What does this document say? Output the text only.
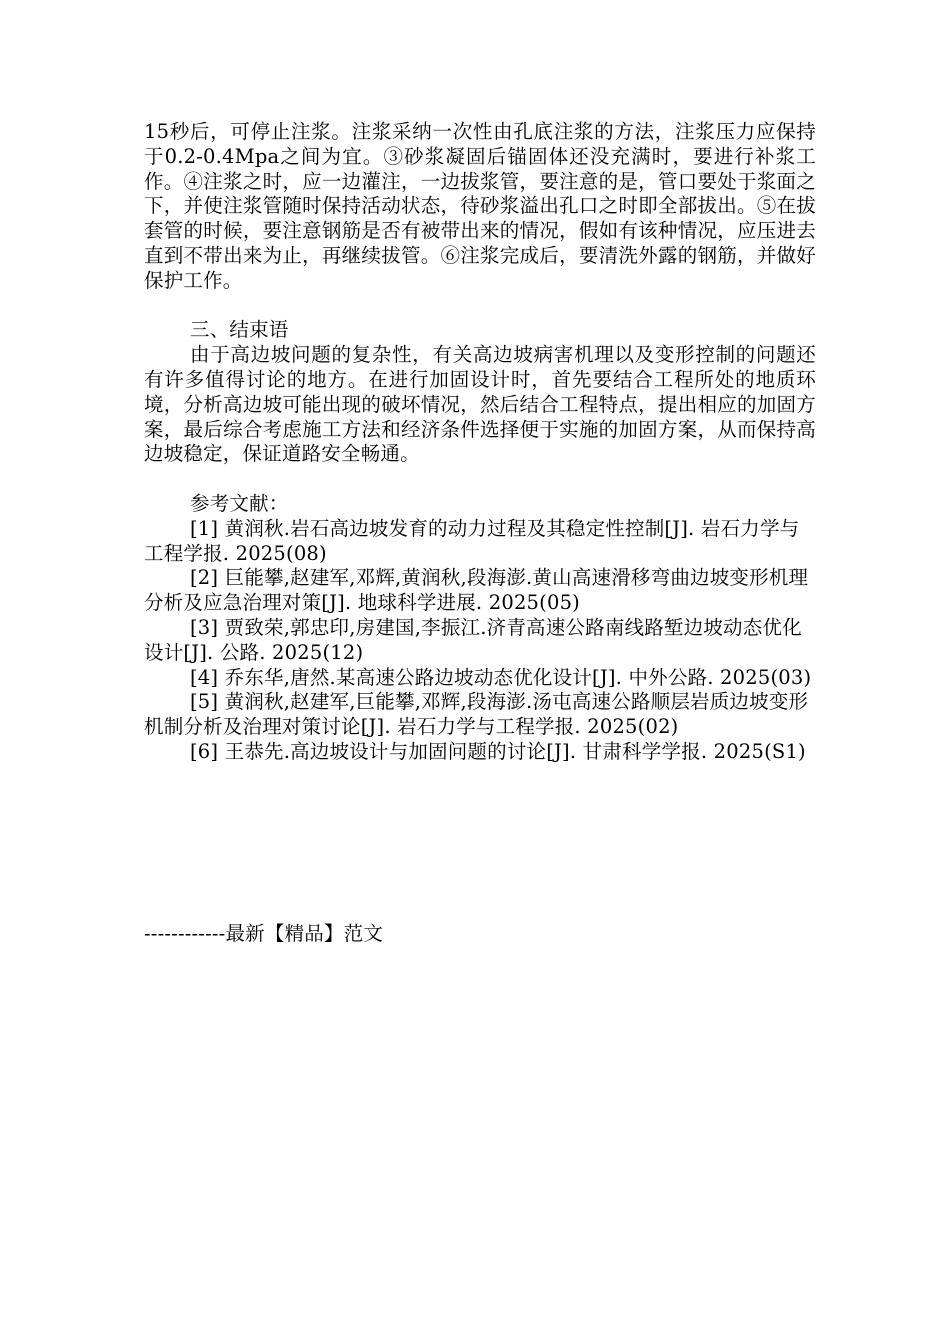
15秒后，可停止注浆。注浆采纳一次性由孔底注浆的方法，注浆压力应保持于0.2-0.4Mpa之间为宜。③砂浆凝固后锚固体还没充满时，要进行补浆工作。④注浆之时，应一边灌注，一边拔浆管，要注意的是，管口要处于浆面之下，并使注浆管随时保持活动状态，待砂浆溢出孔口之时即全部拔出。⑤在拔套管的时候，要注意钢筋是否有被带出来的情况，假如有该种情况，应压进去直到不带出来为止，再继续拔管。⑥注浆完成后，要清洗外露的钢筋，并做好保护工作。

三、结束语

由于高边坡问题的复杂性，有关高边坡病害机理以及变形控制的问题还有许多值得讨论的地方。在进行加固设计时，首先要结合工程所处的地质环境，分析高边坡可能出现的破坏情况，然后结合工程特点，提出相应的加固方案，最后综合考虑施工方法和经济条件选择便于实施的加固方案，从而保持高边坡稳定，保证道路安全畅通。

参考文献：

[1] 黄润秋.岩石高边坡发育的动力过程及其稳定性控制[J]. 岩石力学与工程学报. 2025(08)
[2] 巨能攀,赵建军,邓辉,黄润秋,段海澎.黄山高速滑移弯曲边坡变形机理分析及应急治理对策[J]. 地球科学进展. 2025(05)
[3] 贾致荣,郭忠印,房建国,李振江.济青高速公路南线路堑边坡动态优化设计[J]. 公路. 2025(12)
[4] 乔东华,唐然.某高速公路边坡动态优化设计[J]. 中外公路. 2025(03)
[5] 黄润秋,赵建军,巨能攀,邓辉,段海澎.汤屯高速公路顺层岩质边坡变形机制分析及治理对策讨论[J]. 岩石力学与工程学报. 2025(02)
[6] 王恭先.高边坡设计与加固问题的讨论[J]. 甘肃科学学报. 2025(S1)
------------最新【精品】范文
